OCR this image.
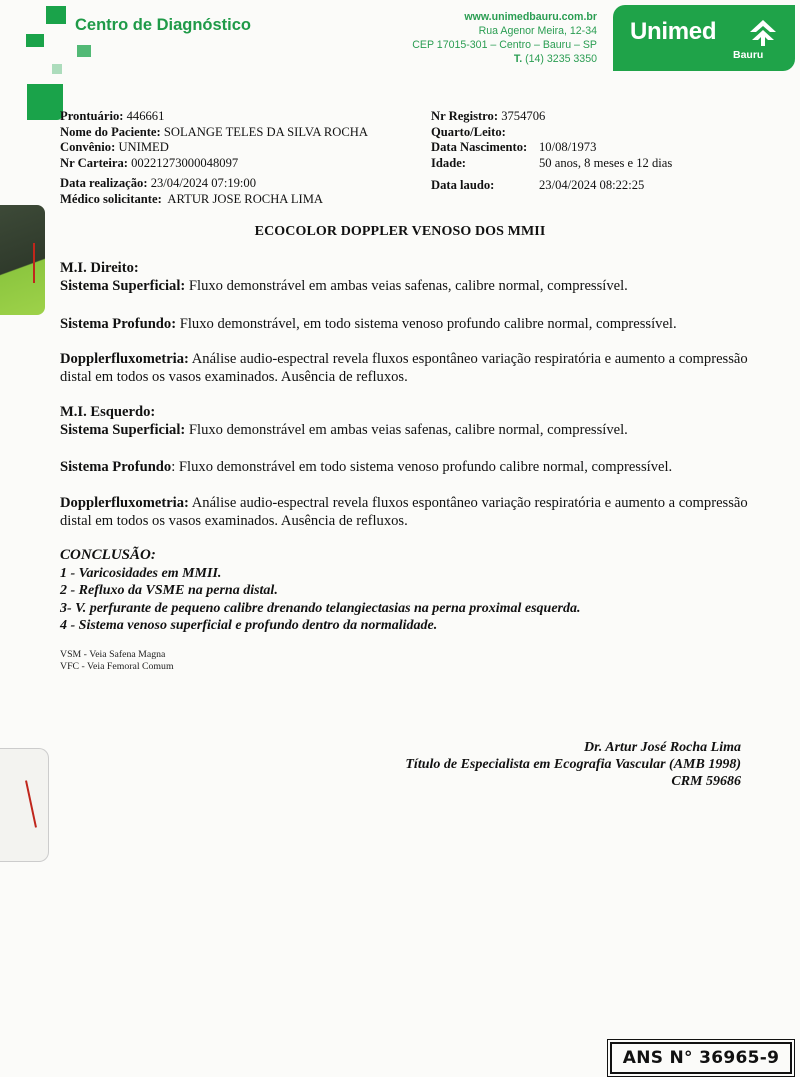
Centro de Diagnóstico	www.unimedbauru.com.br
Rua Agenor Meira, 12-34
CEP 17015-301 – Centro – Bauru – SP
T. (14) 3235 3350
Unimed
Bauru
Prontuário: 446661
Nome do Paciente: SOLANGE TELES DA SILVA ROCHA
Convênio: UNIMED
Nr Carteira: 00221273000048097
Data realização: 23/04/2024 07:19:00
Médico solicitante: ARTUR JOSE ROCHA LIMA
Nr Registro: 3754706
Quarto/Leito:
Data Nascimento: 10/08/1973
Idade:	50 anos, 8 meses e 12 dias
Data laudo:	23/04/2024 08:22:25
ECOCOLOR DOPPLER VENOSO DOS MMII
M.I. Direito:
Sistema Superficial: Fluxo demonstrável em ambas veias safenas, calibre normal, compressível.
Sistema Profundo: Fluxo demonstrável, em todo sistema venoso profundo calibre normal, compressível.
Dopplerfluxometria: Análise audio-espectral revela fluxos espontâneo variação respiratória e aumento a compressão distal em todos os vasos examinados. Ausência de refluxos.
M.I. Esquerdo:
Sistema Superficial: Fluxo demonstrável em ambas veias safenas, calibre normal, compressível.
Sistema Profundo: Fluxo demonstrável em todo sistema venoso profundo calibre normal, compressível.
Dopplerfluxometria: Análise audio-espectral revela fluxos espontâneo variação respiratória e aumento a compressão distal em todos os vasos examinados. Ausência de refluxos.
CONCLUSÃO:
1 - Varicosidades em MMII.
2 - Refluxo da VSME na perna distal.
3- V. perfurante de pequeno calibre drenando telangiectasias na perna proximal esquerda.
4 - Sistema venoso superficial e profundo dentro da normalidade.
VSM - Veia Safena Magna
VFC - Veia Femoral Comum
Dr. Artur José Rocha Lima
Título de Especialista em Ecografia Vascular (AMB 1998)
CRM 59686
ANS N° 36965-9
